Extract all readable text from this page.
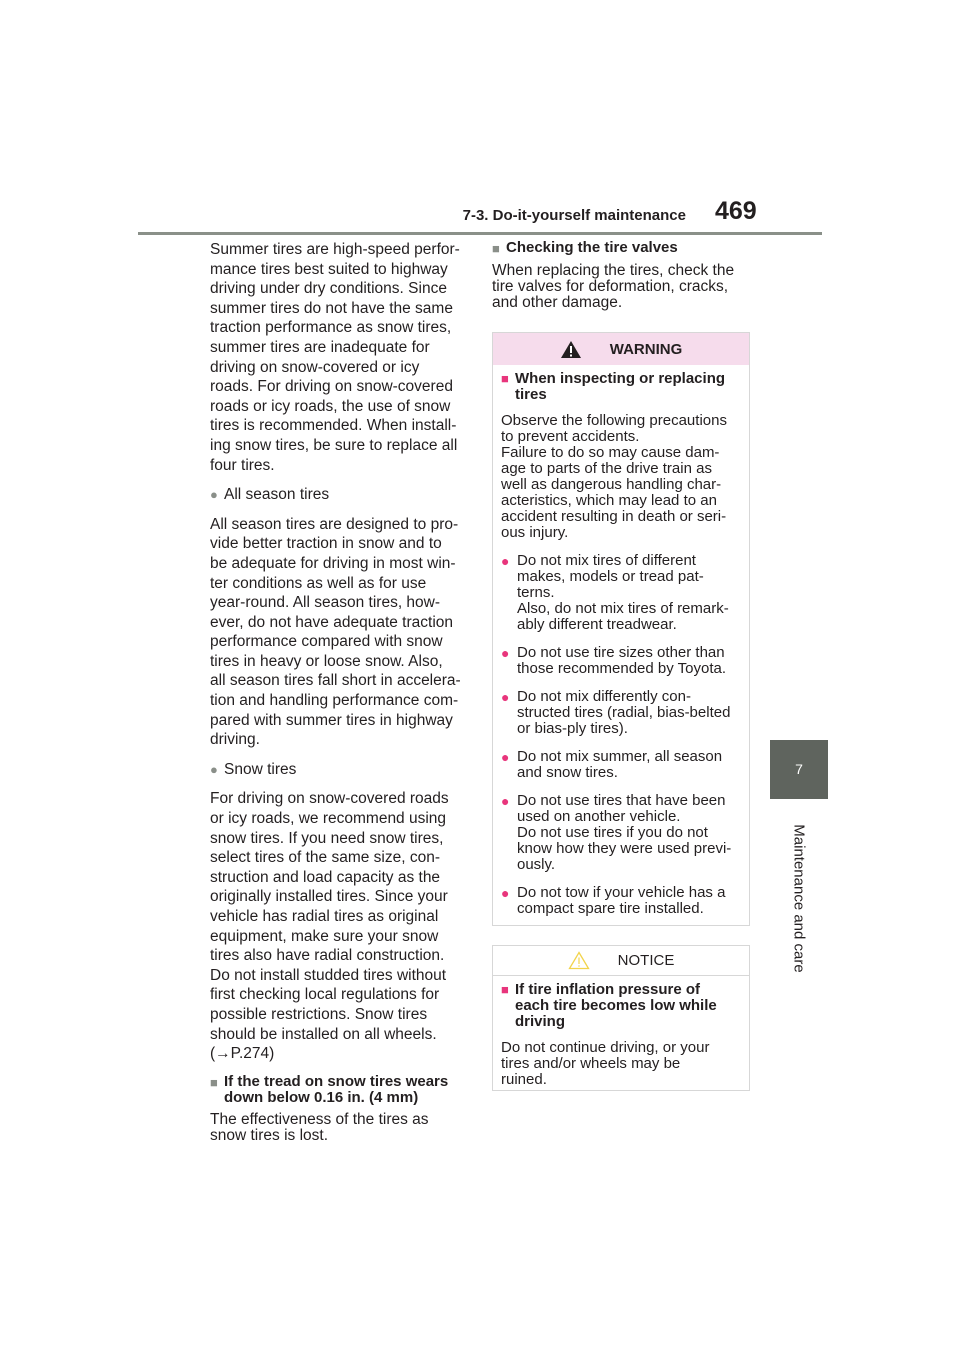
7-3. Do-it-yourself maintenance 469
7
Maintenance and care

Summer tires are high-speed perfor-

mance tires best suited to highway

driving under dry conditions. Since

summer tires do not have the same

traction performance as snow tires,

summer tires are inadequate for

driving on snow-covered or icy

roads. For driving on snow-covered

roads or icy roads, the use of snow

tires is recommended. When install-

ing snow tires, be sure to replace all

four tires.

● All season tires

All season tires are designed to pro-

vide better traction in snow and to

be adequate for driving in most win-

ter conditions as well as for use

year-round. All season tires, how-

ever, do not have adequate traction

performance compared with snow

tires in heavy or loose snow. Also,

all season tires fall short in accelera-

tion and handling performance com-

pared with summer tires in highway

driving.

● Snow tires

For driving on snow-covered roads

or icy roads, we recommend using

snow tires. If you need snow tires,

select tires of the same size, con-

struction and load capacity as the

originally installed tires. Since your

vehicle has radial tires as original

equipment, make sure your snow

tires also have radial construction.

Do not install studded tires without

first checking local regulations for

possible restrictions. Snow tires

should be installed on all wheels.

(→P.274)

■ If the tread on snow tires wears
down below 0.16 in. (4 mm)

The effectiveness of the tires as

snow tires is lost.

■ Checking the tire valves

When replacing the tires, check the

tire valves for deformation, cracks,

and other damage.

WARNING
■ When inspecting or replacing
tires

Observe the following precautions

to prevent accidents.

Failure to do so may cause dam-

age to parts of the drive train as

well as dangerous handling char-

acteristics, which may lead to an

accident resulting in death or seri-

ous injury.

● Do not mix tires of different

makes, models or tread pat-

terns.

Also, do not mix tires of remark-

ably different treadwear.

● Do not use tire sizes other than

those recommended by Toyota.

● Do not mix differently con-

structed tires (radial, bias-belted

or bias-ply tires).

● Do not mix summer, all season

and snow tires.

● Do not use tires that have been

used on another vehicle.

Do not use tires if you do not

know how they were used previ-

ously.

● Do not tow if your vehicle has a

compact spare tire installed.

NOTICE
■ If tire inflation pressure of
each tire becomes low while
driving

Do not continue driving, or your

tires and/or wheels may be

ruined.
